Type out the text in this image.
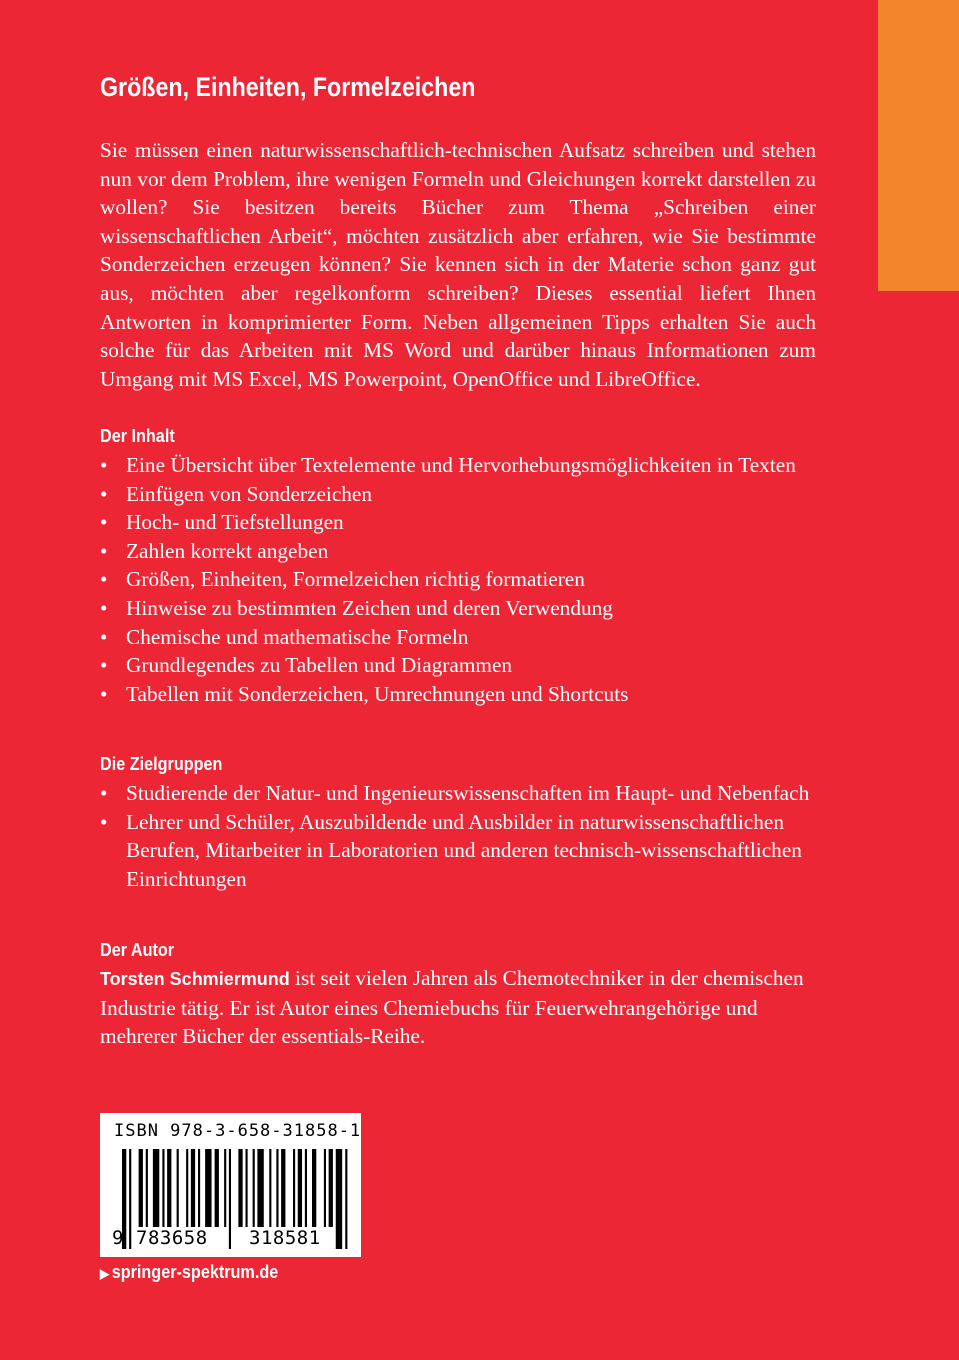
Größen, Einheiten, Formelzeichen

Sie müssen einen naturwissenschaftlich-technischen Aufsatz schreiben und stehen nun vor dem Problem, ihre wenigen Formeln und Gleichungen korrekt darstellen zu wollen? Sie besitzen bereits Bücher zum Thema „Schreiben einer wissenschaftlichen Arbeit“, möchten zusätzlich aber erfahren, wie Sie bestimmte Sonderzeichen erzeugen können? Sie kennen sich in der Materie schon ganz gut aus, möchten aber regelkonform schreiben? Dieses essential liefert Ihnen Antworten in komprimierter Form. Neben allgemeinen Tipps erhalten Sie auch solche für das Arbeiten mit MS Word und darüber hinaus Informationen zum Umgang mit MS Excel, MS Powerpoint, OpenOffice und LibreOffice.

Der Inhalt
• Eine Übersicht über Textelemente und Hervorhebungsmöglichkeiten in Texten
• Einfügen von Sonderzeichen
• Hoch- und Tiefstellungen
• Zahlen korrekt angeben
• Größen, Einheiten, Formelzeichen richtig formatieren
• Hinweise zu bestimmten Zeichen und deren Verwendung
• Chemische und mathematische Formeln
• Grundlegendes zu Tabellen und Diagrammen
• Tabellen mit Sonderzeichen, Umrechnungen und Shortcuts
Die Zielgruppen
• Studierende der Natur- und Ingenieurswissenschaften im Haupt- und Nebenfach
• Lehrer und Schüler, Auszubildende und Ausbilder in naturwissenschaftlichen Berufen, Mitarbeiter in Laboratorien und anderen technisch-wissenschaftlichen Einrichtungen
Der Autor

Torsten Schmiermund ist seit vielen Jahren als Chemotechniker in der chemischen Industrie tätig. Er ist Autor eines Chemiebuchs für Feuerwehrangehörige und mehrerer Bücher der essentials-Reihe.

ISBN 978-3-658-31858-1
9 783658 318581
▶ springer-spektrum.de
